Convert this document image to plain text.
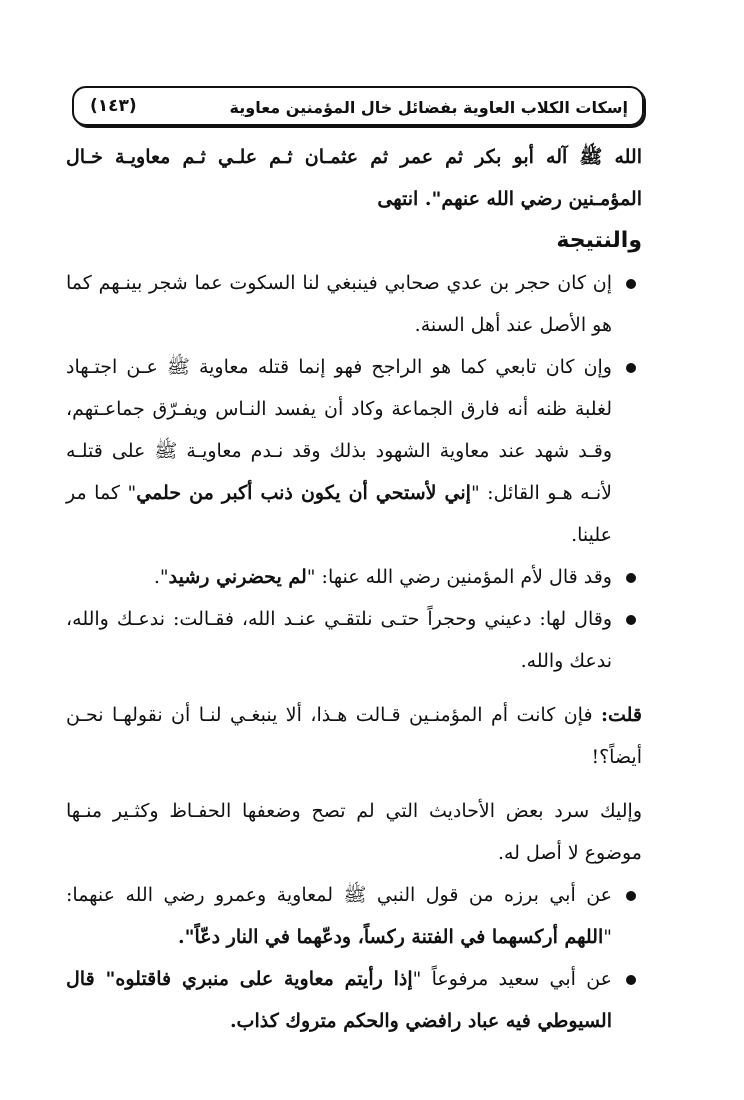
إسكات الكلاب العاوية بفضائل خال المؤمنين معاوية
(١٤٣)

الله ﷺ آله أبو بكر ثم عمر ثم عثمـان ثـم علـي ثـم معاويـة خـال المؤمـنين رضي الله عنهم". انتهى

والنتيجة

إن كان حجر بن عدي صحابي فينبغي لنا السكوت عما شجر بينـهم كما هو الأصل عند أهل السنة.

وإن كان تابعي كما هو الراجح فهو إنما قتله معاوية ﷺ عـن اجتـهاد لغلبة ظنه أنه فارق الجماعة وكاد أن يفسد النـاس ويفـرّق جماعـتهم، وقـد شهد عند معاوية الشهود بذلك وقد نـدم معاويـة ﷺ على قتلـه لأنـه هـو القائل: "إني لأستحي أن يكون ذنب أكبر من حلمي" كما مر علينا.

وقد قال لأم المؤمنين رضي الله عنها: "لم يحضرني رشيد".

وقال لها: دعيني وحجراً حتـى نلتقـي عنـد الله، فقـالت: ندعـك والله، ندعك والله.

قلت: فإن كانت أم المؤمنـين قـالت هـذا، ألا ينبغـي لنـا أن نقولهـا نحـن أيضاً؟!

وإليك سرد بعض الأحاديث التي لم تصح وضعفها الحفـاظ وكثـير منـها موضوع لا أصل له.

عن أبي برزه من قول النبي ﷺ لمعاوية وعمرو رضي الله عنهما: "اللهم أركسهما في الفتنة ركساً، ودعّهما في النار دعّاً".

عن أبي سعيد مرفوعاً "إذا رأيتم معاوية على منبري فاقتلوه" قال السيوطي فيه عباد رافضي والحكم متروك كذاب.
